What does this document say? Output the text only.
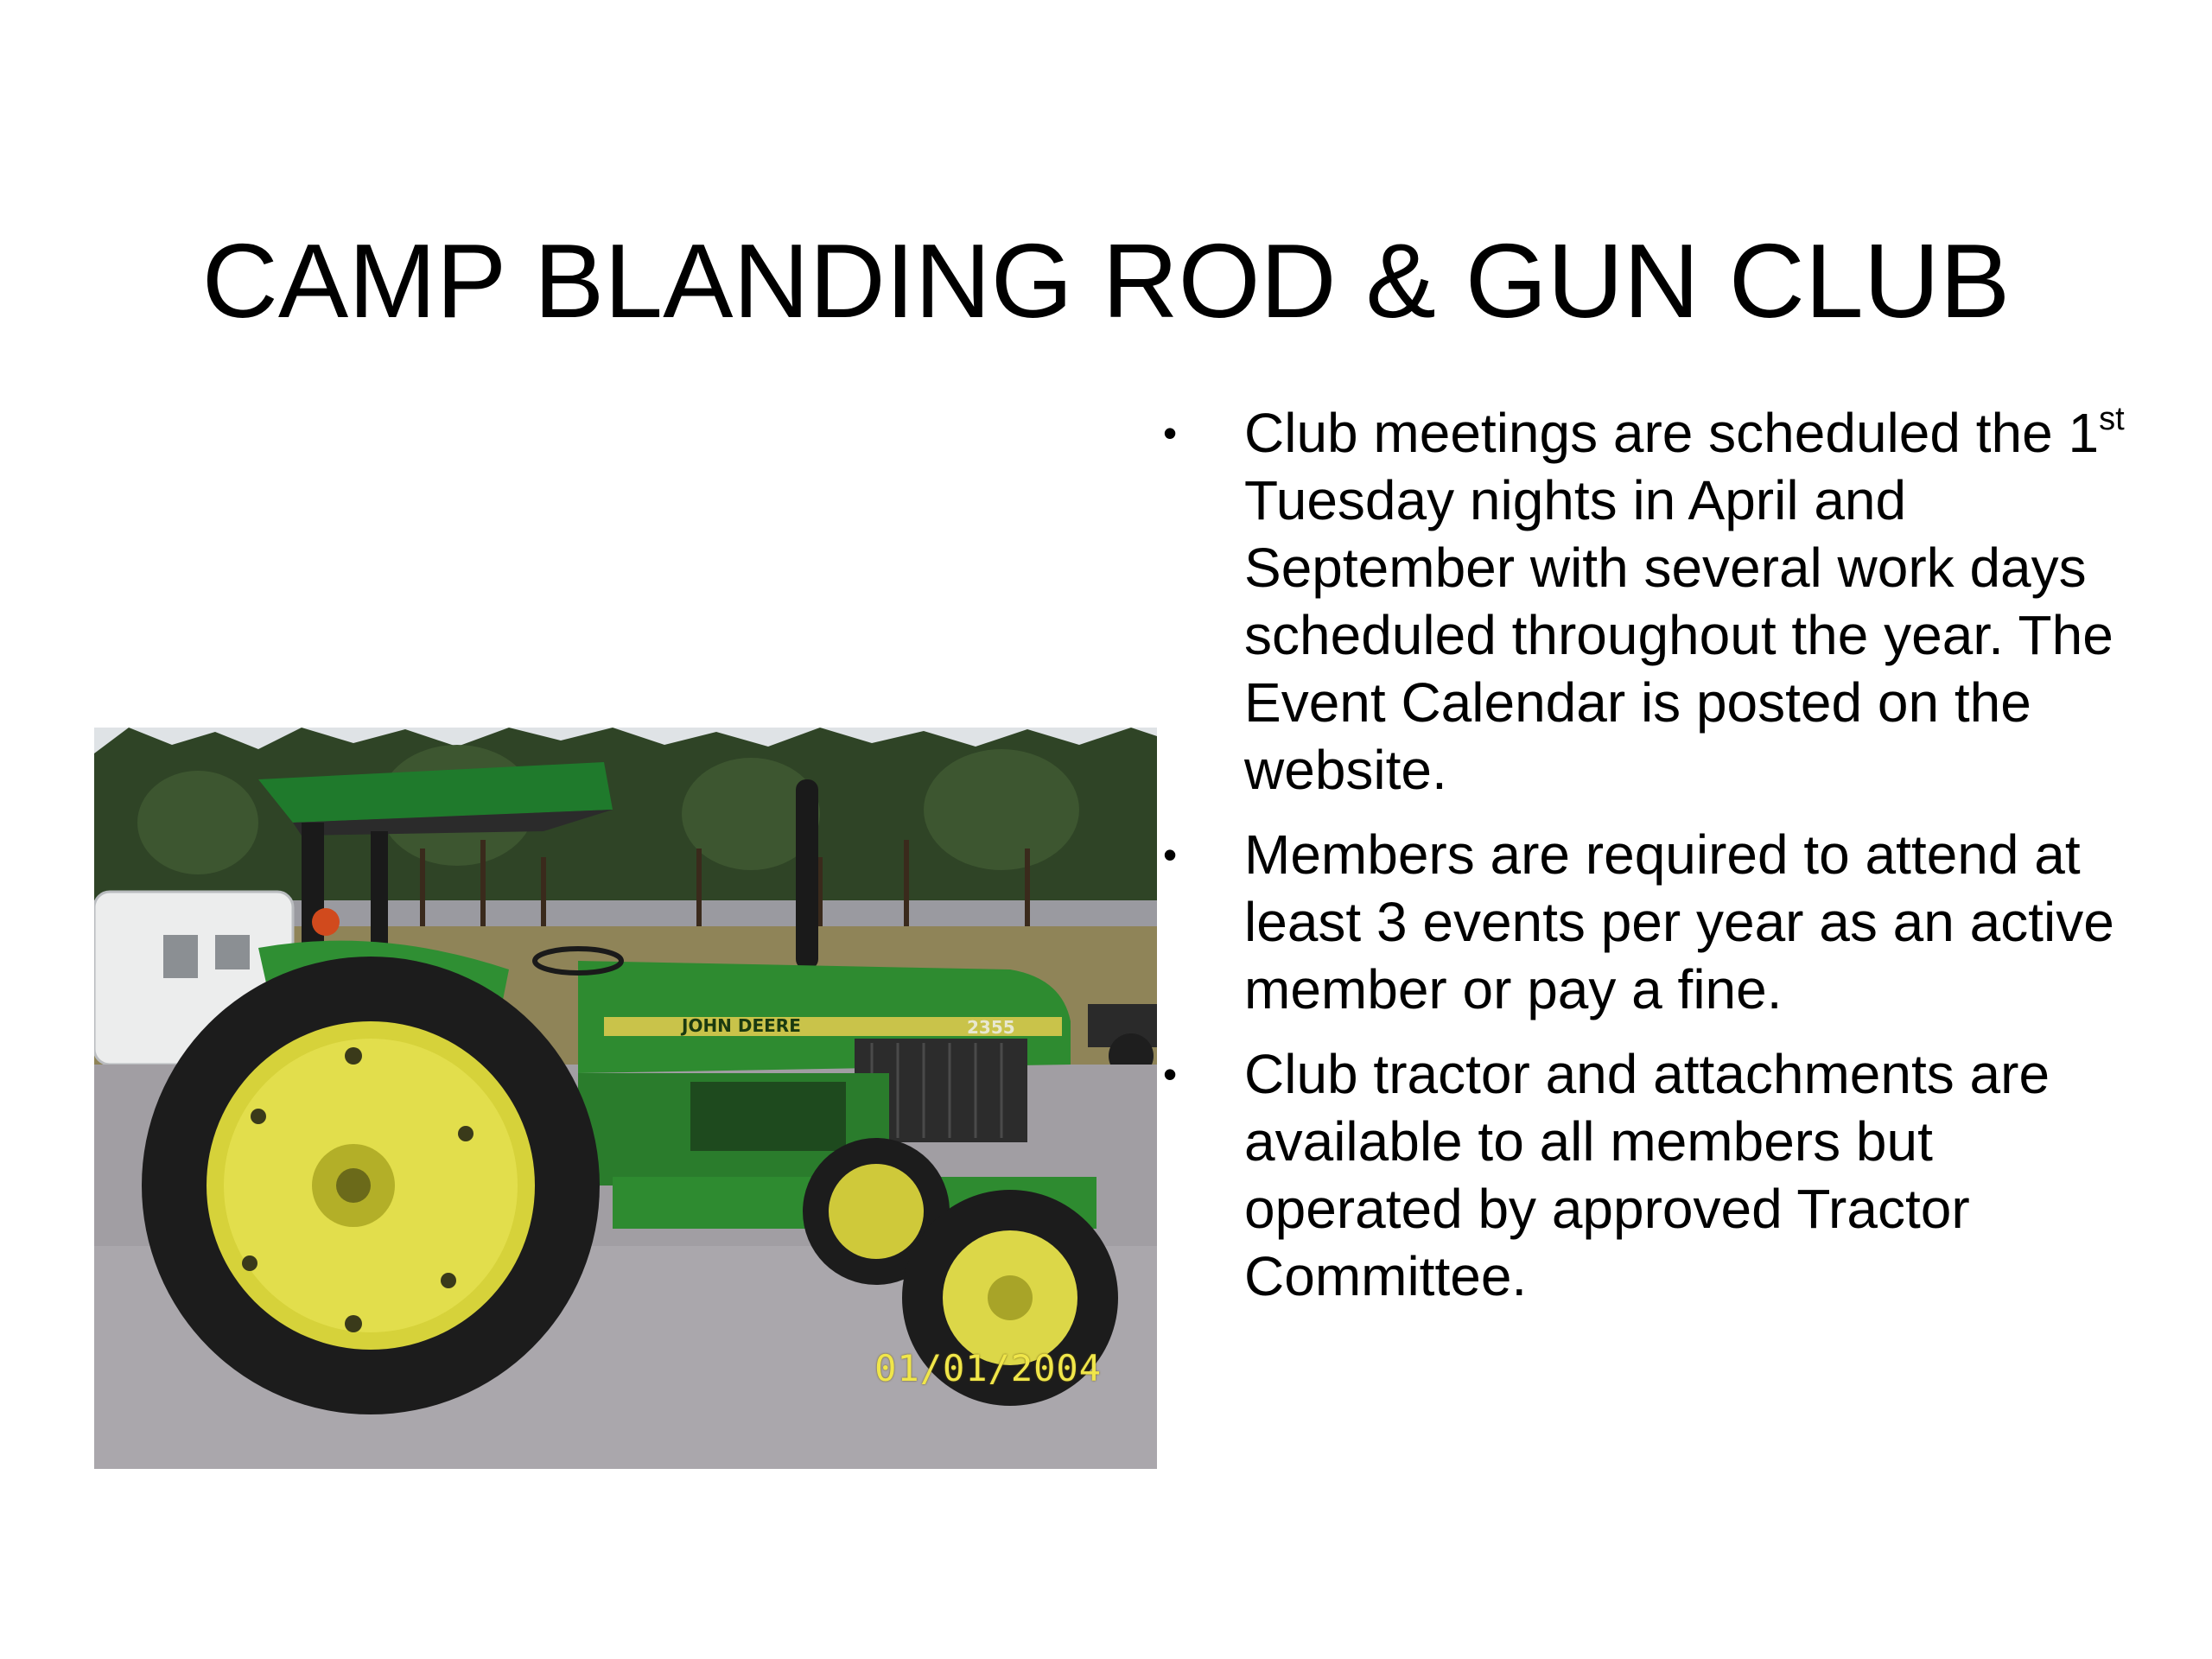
CAMP BLANDING ROD & GUN CLUB
JOHN DEERE	2355
01/01/2004
• Club meetings are scheduled the 1st Tuesday nights in April and September with several work days scheduled throughout the year. The Event Calendar is posted on the website.
• Members are required to attend at least 3 events per year as an active member or pay a fine.
• Club tractor and attachments are available to all members but operated by approved Tractor Committee.
